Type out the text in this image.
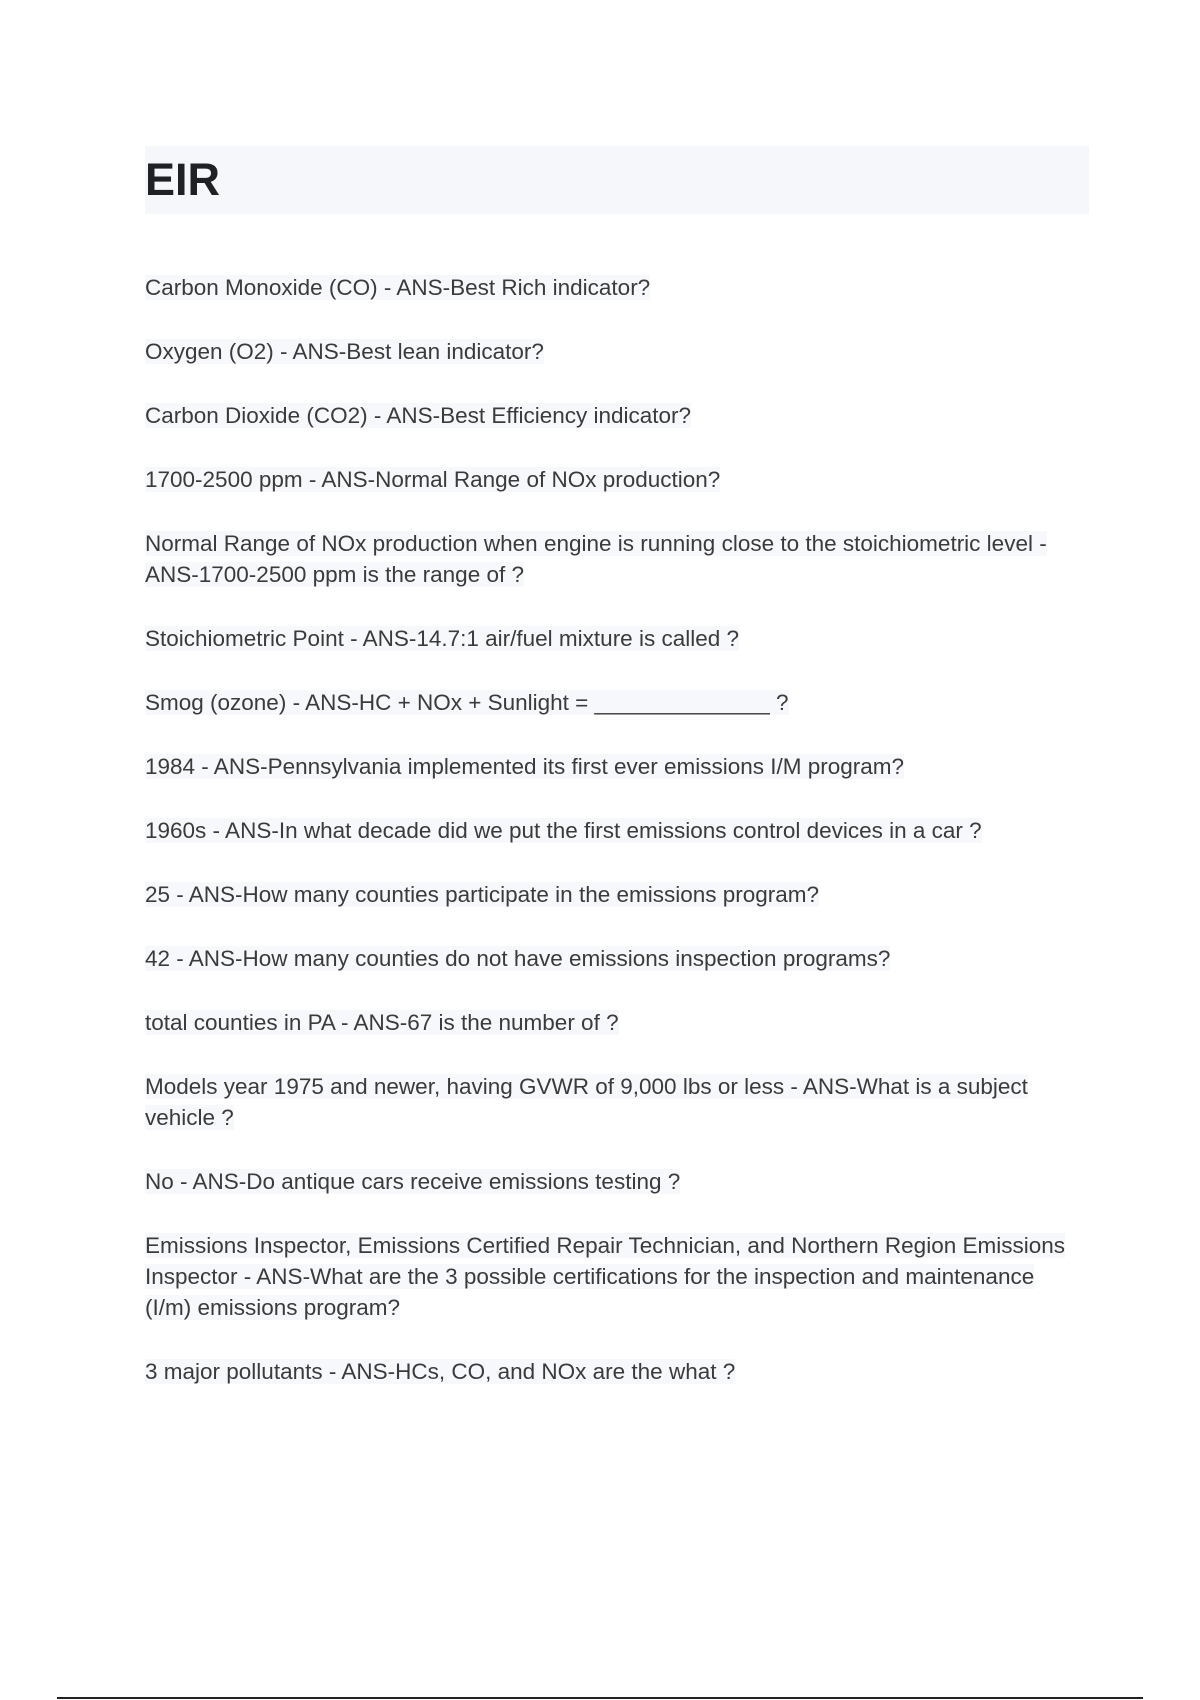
EIR
Carbon Monoxide (CO) - ANS-Best Rich indicator?
Oxygen (O2) - ANS-Best lean indicator?
Carbon Dioxide (CO2) - ANS-Best Efficiency indicator?
1700-2500 ppm - ANS-Normal Range of NOx production?
Normal Range of NOx production when engine is running close to the stoichiometric level - ANS-1700-2500 ppm is the range of ?
Stoichiometric Point - ANS-14.7:1 air/fuel mixture is called ?
Smog (ozone) - ANS-HC + NOx + Sunlight = ______________ ?
1984 - ANS-Pennsylvania implemented its first ever emissions I/M program?
1960s - ANS-In what decade did we put the first emissions control devices in a car ?
25 - ANS-How many counties participate in the emissions program?
42 - ANS-How many counties do not have emissions inspection programs?
total counties in PA - ANS-67 is the number of ?
Models year 1975 and newer, having GVWR of 9,000 lbs or less - ANS-What is a subject vehicle ?
No - ANS-Do antique cars receive emissions testing ?
Emissions Inspector, Emissions Certified Repair Technician, and Northern Region Emissions Inspector - ANS-What are the 3 possible certifications for the inspection and maintenance (I/m) emissions program?
3 major pollutants - ANS-HCs, CO, and NOx are the what ?
